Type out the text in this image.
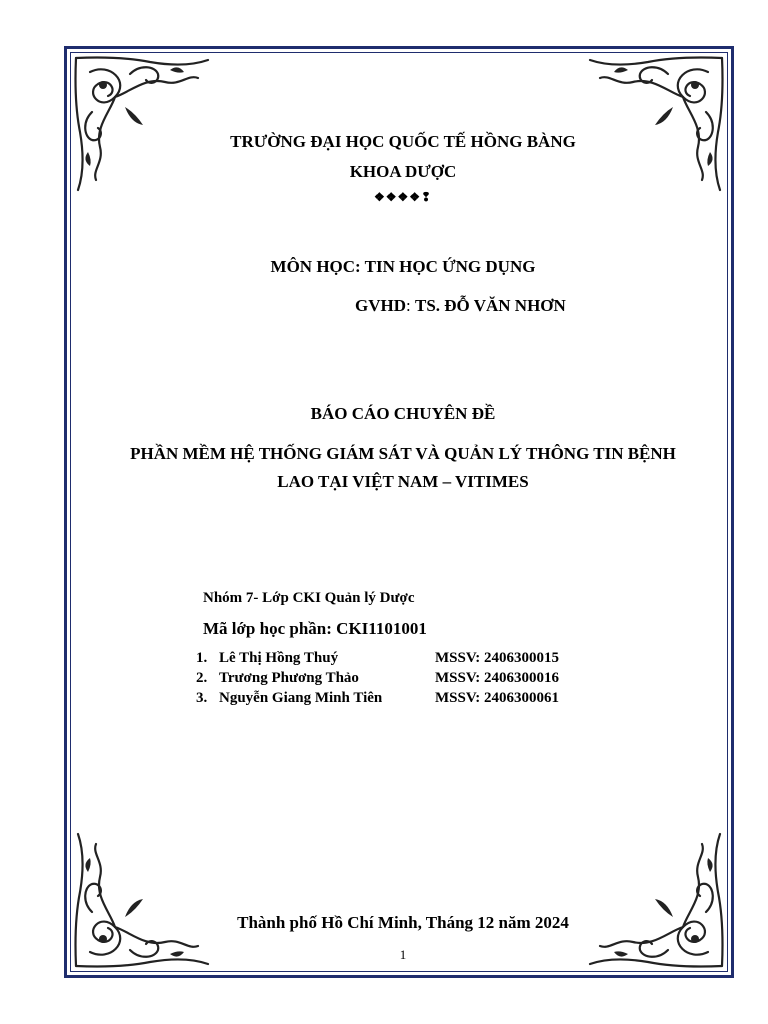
TRƯỜNG ĐẠI HỌC QUỐC TẾ HỒNG BÀNG
KHOA DƯỢC
❖❖❖❖❢
MÔN HỌC: TIN HỌC ỨNG DỤNG
GVHD: TS. ĐỖ VĂN NHƠN
BÁO CÁO CHUYÊN ĐỀ
PHẦN MỀM HỆ THỐNG GIÁM SÁT VÀ QUẢN LÝ THÔNG TIN BỆNH
LAO TẠI VIỆT NAM – VITIMES
Nhóm 7- Lớp CKI Quản lý Dược
Mã lớp học phần: CKI1101001
1. Lê Thị Hồng Thuý	MSSV: 2406300015
2. Trương Phương Thảo	MSSV: 2406300016
3. Nguyễn Giang Minh Tiên	MSSV: 2406300061
Thành phố Hồ Chí Minh, Tháng 12 năm 2024
1
